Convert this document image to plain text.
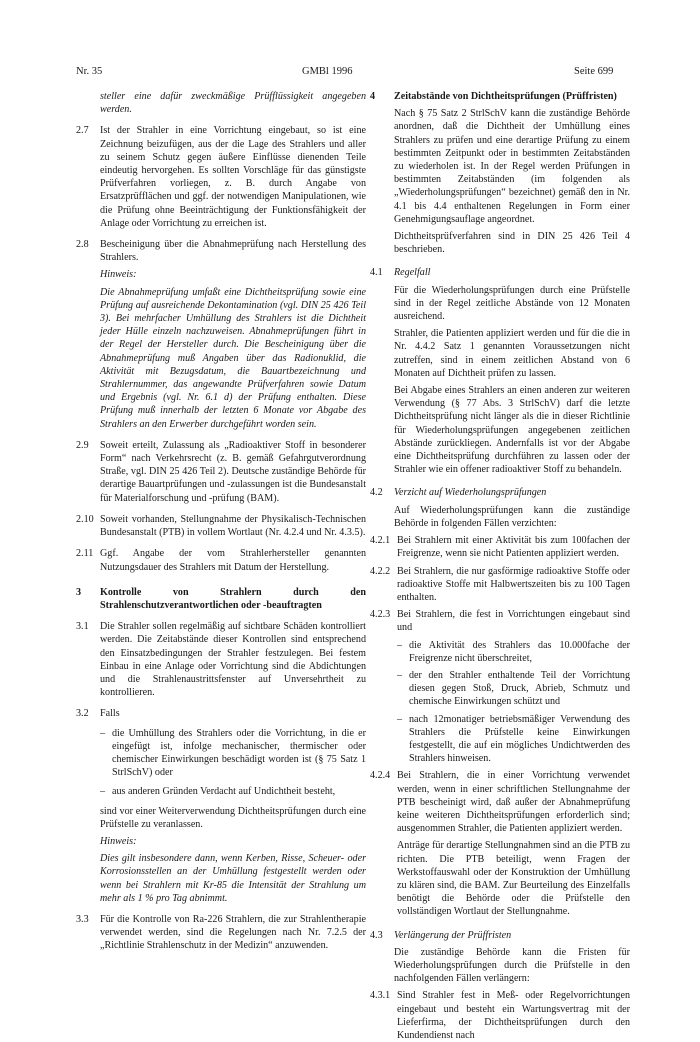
Nr. 35	GMBl 1996	Seite 699
steller eine dafür zweckmäßige Prüfflüssigkeit angegeben werden.
2.7 Ist der Strahler in eine Vorrichtung eingebaut, so ist eine Zeichnung beizufügen, aus der die Lage des Strahlers und aller zu seinem Schutz gegen äußere Einflüsse dienenden Teile eindeutig hervorgehen. Es sollten Vorschläge für das günstigste Prüfverfahren vorliegen, z. B. durch Angabe von Ersatzprüfflächen und ggf. der notwendigen Manipulationen, wie die Prüfung ohne Beeinträchtigung der Funktionsfähigkeit der Anlage oder Vorrichtung zu erreichen ist.
2.8 Bescheinigung über die Abnahmeprüfung nach Herstellung des Strahlers.
Hinweis:
Die Abnahmeprüfung umfaßt eine Dichtheitsprüfung sowie eine Prüfung auf ausreichende Dekontamination (vgl. DIN 25 426 Teil 3). Bei mehrfacher Umhüllung des Strahlers ist die Dichtheit jeder Hülle einzeln nachzuweisen. Abnahmeprüfungen führt in der Regel der Hersteller durch. Die Bescheinigung über die Abnahmeprüfung muß Angaben über das Radionuklid, die Aktivität mit Bezugsdatum, die Bauartbezeichnung und Strahlernummer, das angewandte Prüfverfahren sowie Datum und Ergebnis (vgl. Nr. 6.1 d) der Prüfung enthalten. Diese Prüfung muß innerhalb der letzten 6 Monate vor Abgabe des Strahlers an den Erwerber durchgeführt worden sein.
2.9 Soweit erteilt, Zulassung als „Radioaktiver Stoff in besonderer Form“ nach Verkehrsrecht (z. B. gemäß Gefahrgutverordnung Straße, vgl. DIN 25 426 Teil 2). Deutsche zuständige Behörde für derartige Bauartprüfungen und -zulassungen ist die Bundesanstalt für Materialforschung und -prüfung (BAM).
2.10 Soweit vorhanden, Stellungnahme der Physikalisch-Technischen Bundesanstalt (PTB) in vollem Wortlaut (Nr. 4.2.4 und Nr. 4.3.5).
2.11 Ggf. Angabe der vom Strahlerhersteller genannten Nutzungsdauer des Strahlers mit Datum der Herstellung.
3 Kontrolle von Strahlern durch den Strahlenschutzverantwortlichen oder -beauftragten
3.1 Die Strahler sollen regelmäßig auf sichtbare Schäden kontrolliert werden. Die Zeitabstände dieser Kontrollen sind entsprechend den Einsatzbedingungen der Strahler festzulegen. Bei festem Einbau in eine Anlage oder Vorrichtung sind die Abdichtungen und die Strahlenaustrittsfenster auf Unversehrtheit zu kontrollieren.
3.2 Falls
– die Umhüllung des Strahlers oder die Vorrichtung, in die er eingefügt ist, infolge mechanischer, thermischer oder chemischer Einwirkungen beschädigt worden ist (§ 75 Satz 1 StrlSchV) oder
– aus anderen Gründen Verdacht auf Undichtheit besteht,
sind vor einer Weiterverwendung Dichtheitsprüfungen durch eine Prüfstelle zu veranlassen.
Hinweis:
Dies gilt insbesondere dann, wenn Kerben, Risse, Scheuer- oder Korrosionsstellen an der Umhüllung festgestellt werden oder wenn bei Strahlern mit Kr-85 die Intensität der Strahlung um mehr als 1 % pro Tag abnimmt.
3.3 Für die Kontrolle von Ra-226 Strahlern, die zur Strahlentherapie verwendet werden, sind die Regelungen nach Nr. 7.2.5 der „Richtlinie Strahlenschutz in der Medizin“ anzuwenden.
4 Zeitabstände von Dichtheitsprüfungen (Prüffristen)
Nach § 75 Satz 2 StrlSchV kann die zuständige Behörde anordnen, daß die Dichtheit der Umhüllung eines Strahlers zu prüfen und eine derartige Prüfung zu einem bestimmten Zeitpunkt oder in bestimmten Zeitabständen zu wiederholen ist. In der Regel werden Prüfungen in bestimmten Zeitabständen (im folgenden als „Wiederholungsprüfungen“ bezeichnet) gemäß den in Nr. 4.1 bis 4.4 enthaltenen Regelungen in Form einer Genehmigungsauflage angeordnet.
Dichtheitsprüfverfahren sind in DIN 25 426 Teil 4 beschrieben.
4.1 Regelfall
Für die Wiederholungsprüfungen durch eine Prüfstelle sind in der Regel zeitliche Abstände von 12 Monaten ausreichend.
Strahler, die Patienten appliziert werden und für die die in Nr. 4.4.2 Satz 1 genannten Voraussetzungen nicht zutreffen, sind in einem zeitlichen Abstand von 6 Monaten auf Dichtheit prüfen zu lassen.
Bei Abgabe eines Strahlers an einen anderen zur weiteren Verwendung (§ 77 Abs. 3 StrlSchV) darf die letzte Dichtheitsprüfung nicht länger als die in dieser Richtlinie für Wiederholungsprüfungen angegebenen zeitlichen Abstände zurückliegen. Andernfalls ist vor der Abgabe eine Dichtheitsprüfung durchführen zu lassen oder der Strahler wie ein offener radioaktiver Stoff zu behandeln.
4.2 Verzicht auf Wiederholungsprüfungen
Auf Wiederholungsprüfungen kann die zuständige Behörde in folgenden Fällen verzichten:
4.2.1 Bei Strahlern mit einer Aktivität bis zum 100fachen der Freigrenze, wenn sie nicht Patienten appliziert werden.
4.2.2 Bei Strahlern, die nur gasförmige radioaktive Stoffe oder radioaktive Stoffe mit Halbwertszeiten bis zu 100 Tagen enthalten.
4.2.3 Bei Strahlern, die fest in Vorrichtungen eingebaut sind und
– die Aktivität des Strahlers das 10.000fache der Freigrenze nicht überschreitet,
– der den Strahler enthaltende Teil der Vorrichtung diesen gegen Stoß, Druck, Abrieb, Schmutz und chemische Einwirkungen schützt und
– nach 12monatiger betriebsmäßiger Verwendung des Strahlers die Prüfstelle keine Einwirkungen festgestellt, die auf ein mögliches Undichtwerden des Strahlers hinweisen.
4.2.4 Bei Strahlern, die in einer Vorrichtung verwendet werden, wenn in einer schriftlichen Stellungnahme der PTB bescheinigt wird, daß außer der Abnahmeprüfung keine weiteren Dichtheitsprüfungen erforderlich sind; ausgenommen Strahler, die Patienten appliziert werden.
Anträge für derartige Stellungnahmen sind an die PTB zu richten. Die PTB beteiligt, wenn Fragen der Werkstoffauswahl oder der Konstruktion der Umhüllung zu klären sind, die BAM. Zur Beurteilung des Einzelfalls benötigt die Behörde oder die Prüfstelle den vollständigen Wortlaut der Stellungnahme.
4.3 Verlängerung der Prüffristen
Die zuständige Behörde kann die Fristen für Wiederholungsprüfungen durch die Prüfstelle in den nachfolgenden Fällen verlängern:
4.3.1 Sind Strahler fest in Meß- oder Regelvorrichtungen eingebaut und besteht ein Wartungsvertrag mit der Lieferfirma, der Dichtheitsprüfungen durch den Kundendienst nach
